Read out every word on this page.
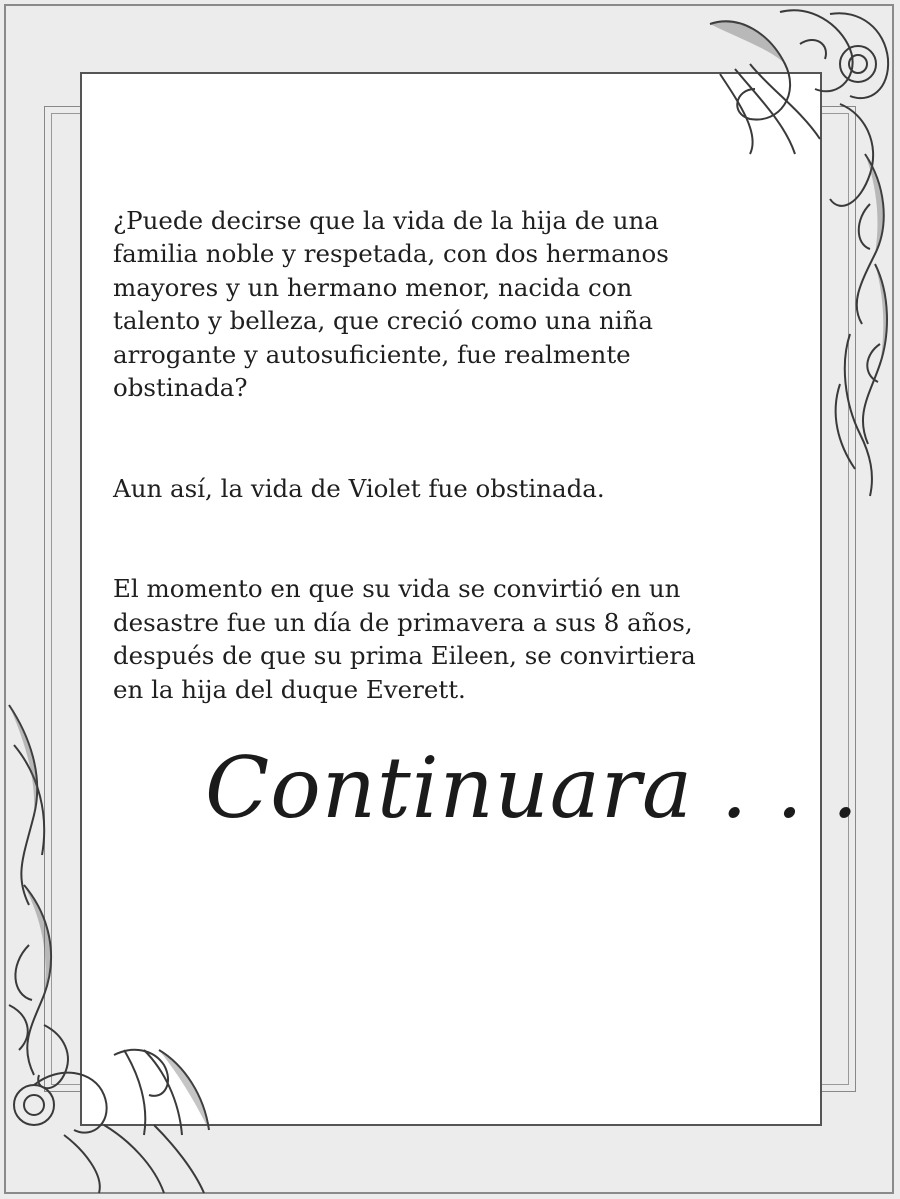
¿Puede decirse que la vida de la hija de una
familia noble y respetada, con dos hermanos
mayores y un hermano menor, nacida con
talento y belleza, que creció como una niña
arrogante y autosuficiente, fue realmente
obstinada?

Aun así, la vida de Violet fue obstinada.

El momento en que su vida se convirtió en un
desastre fue un día de primavera a sus 8 años,
después de que su prima Eileen, se convirtiera
en la hija del duque Everett.

Continuara . . .
